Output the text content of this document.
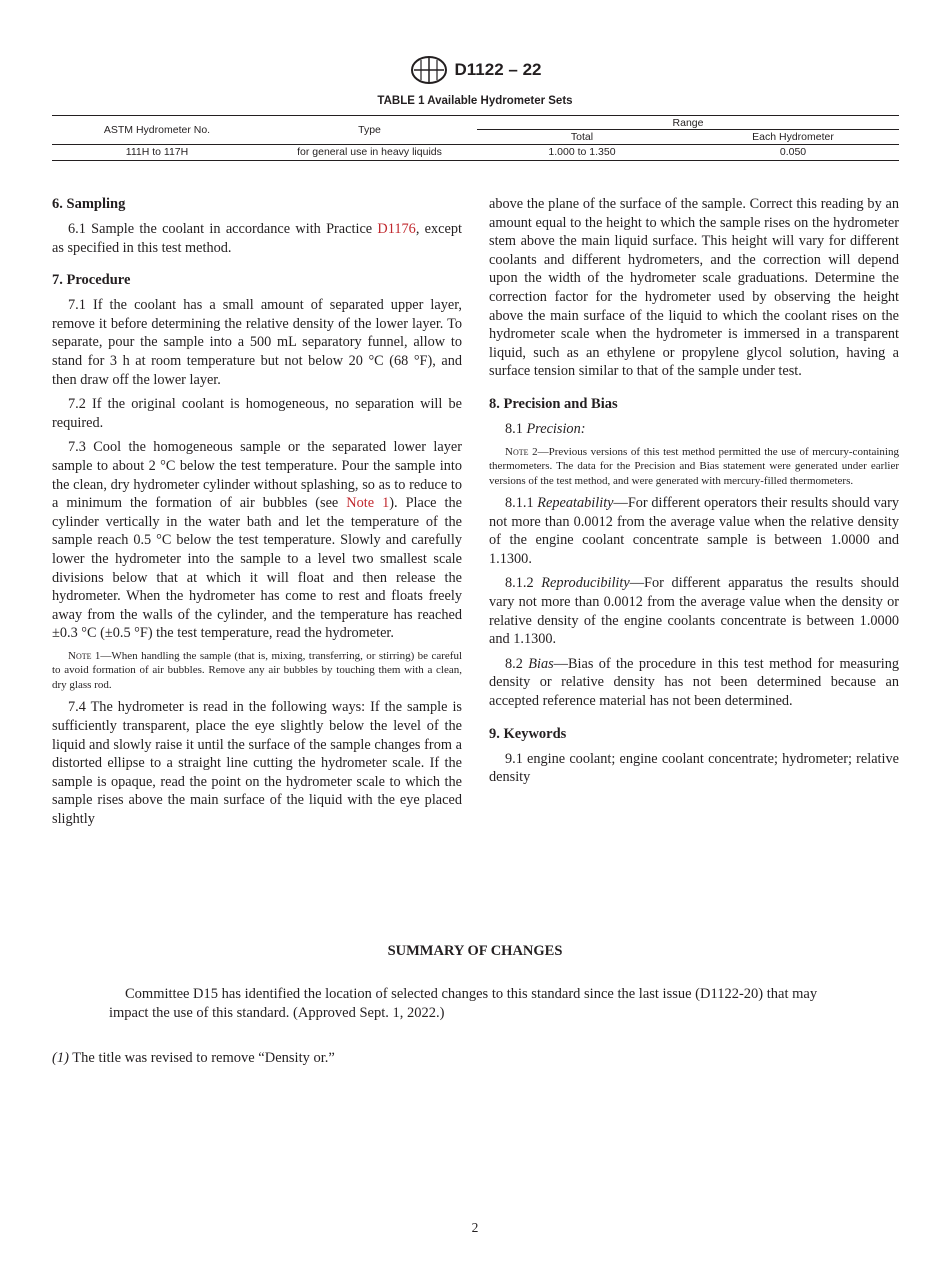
D1122 – 22
TABLE 1 Available Hydrometer Sets
ASTM Hydrometer No.	Type
Range
Total	Each Hydrometer
111H to 117H	for general use in heavy liquids	1.000 to 1.350	0.050
6. Sampling

6.1 Sample the coolant in accordance with Practice D1176, except as specified in this test method.

7. Procedure

7.1 If the coolant has a small amount of separated upper layer, remove it before determining the relative density of the lower layer. To separate, pour the sample into a 500 mL separatory funnel, allow to stand for 3 h at room temperature but not below 20 °C (68 °F), and then draw off the lower layer.

7.2 If the original coolant is homogeneous, no separation will be required.

7.3 Cool the homogeneous sample or the separated lower layer sample to about 2 °C below the test temperature. Pour the sample into the clean, dry hydrometer cylinder without splashing, so as to reduce to a minimum the formation of air bubbles (see Note 1). Place the cylinder vertically in the water bath and let the temperature of the sample reach 0.5 °C below the test temperature. Slowly and carefully lower the hydrometer into the sample to a level two smallest scale divisions below that at which it will float and then release the hydrometer. When the hydrometer has come to rest and floats freely away from the walls of the cylinder, and the temperature has reached ±0.3 °C (±0.5 °F) the test temperature, read the hydrometer.

Note 1—When handling the sample (that is, mixing, transferring, or stirring) be careful to avoid formation of air bubbles. Remove any air bubbles by touching them with a clean, dry glass rod.

7.4 The hydrometer is read in the following ways: If the sample is sufficiently transparent, place the eye slightly below the level of the liquid and slowly raise it until the surface of the sample changes from a distorted ellipse to a straight line cutting the hydrometer scale. If the sample is opaque, read the point on the hydrometer scale to which the sample rises above the main surface of the liquid with the eye placed slightly

above the plane of the surface of the sample. Correct this reading by an amount equal to the height to which the sample rises on the hydrometer stem above the main liquid surface. This height will vary for different coolants and different hydrometers, and the correction will depend upon the width of the hydrometer scale graduations. Determine the correction factor for the hydrometer used by observing the height above the main surface of the liquid to which the coolant rises on the hydrometer scale when the hydrometer is immersed in a transparent liquid, such as an ethylene or propylene glycol solution, having a surface tension similar to that of the sample under test.

8. Precision and Bias

8.1 Precision:

Note 2—Previous versions of this test method permitted the use of mercury-containing thermometers. The data for the Precision and Bias statement were generated under earlier versions of the test method, and were generated with mercury-filled thermometers.

8.1.1 Repeatability—For different operators their results should vary not more than 0.0012 from the average value when the relative density of the engine coolant concentrate sample is between 1.0000 and 1.1300.

8.1.2 Reproducibility—For different apparatus the results should vary not more than 0.0012 from the average value when the density or relative density of the engine coolants concentrate is between 1.0000 and 1.1300.

8.2 Bias—Bias of the procedure in this test method for measuring density or relative density has not been determined because an accepted reference material has not been determined.

9. Keywords

9.1 engine coolant; engine coolant concentrate; hydrometer; relative density

SUMMARY OF CHANGES

Committee D15 has identified the location of selected changes to this standard since the last issue (D1122-20) that may impact the use of this standard. (Approved Sept. 1, 2022.)

(1) The title was revised to remove “Density or.”
2
